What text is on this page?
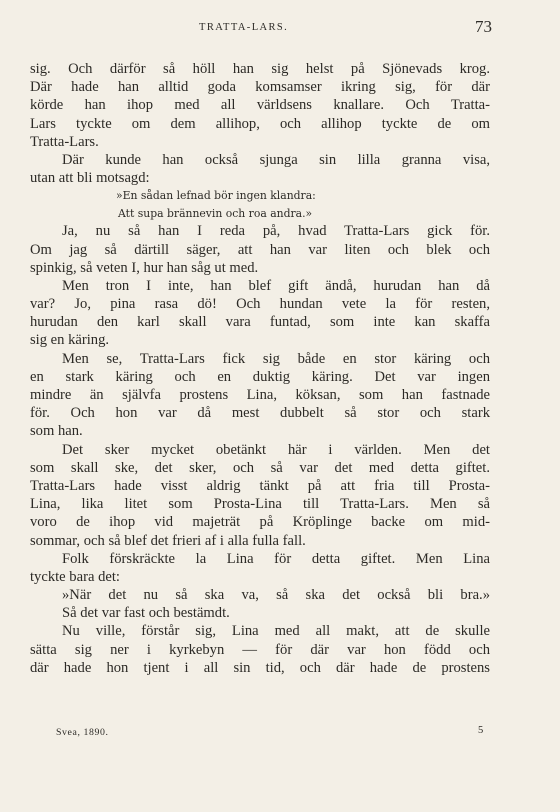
TRATTA-LARS.	73
sig. Och därför så höll han sig helst på Sjönevads krog.
Där hade han alltid goda komsamser ikring sig, för där
körde han ihop med all världsens knallare. Och Tratta-
Lars tyckte om dem allihop, och allihop tyckte de om
Tratta-Lars.
Där kunde han också sjunga sin lilla granna visa,
utan att bli motsagd:
»En sådan lefnad bör ingen klandra:
Att supa brännevin och roa andra.»
Ja, nu så han I reda på, hvad Tratta-Lars gick för.
Om jag så därtill säger, att han var liten och blek och
spinkig, så veten I, hur han såg ut med.
Men tron I inte, han blef gift ändå, hurudan han då
var? Jo, pina rasa dö! Och hundan vete la för resten,
hurudan den karl skall vara funtad, som inte kan skaffa
sig en käring.
Men se, Tratta-Lars fick sig både en stor käring och
en stark käring och en duktig käring. Det var ingen
mindre än självfa prostens Lina, köksan, som han fastnade
för. Och hon var då mest dubbelt så stor och stark
som han.
Det sker mycket obetänkt här i världen. Men det
som skall ske, det sker, och så var det med detta giftet.
Tratta-Lars hade visst aldrig tänkt på att fria till Prosta-
Lina, lika litet som Prosta-Lina till Tratta-Lars. Men så
voro de ihop vid majeträt på Kröplinge backe om mid-
sommar, och så blef det frieri af i alla fulla fall.
Folk förskräckte la Lina för detta giftet. Men Lina
tyckte bara det:
»När det nu så ska va, så ska det också bli bra.»
Så det var fast och bestämdt.
Nu ville, förstår sig, Lina med all makt, att de skulle
sätta sig ner i kyrkebyn — för där var hon född och
där hade hon tjent i all sin tid, och där hade de prostens
Svea, 1890.	5
